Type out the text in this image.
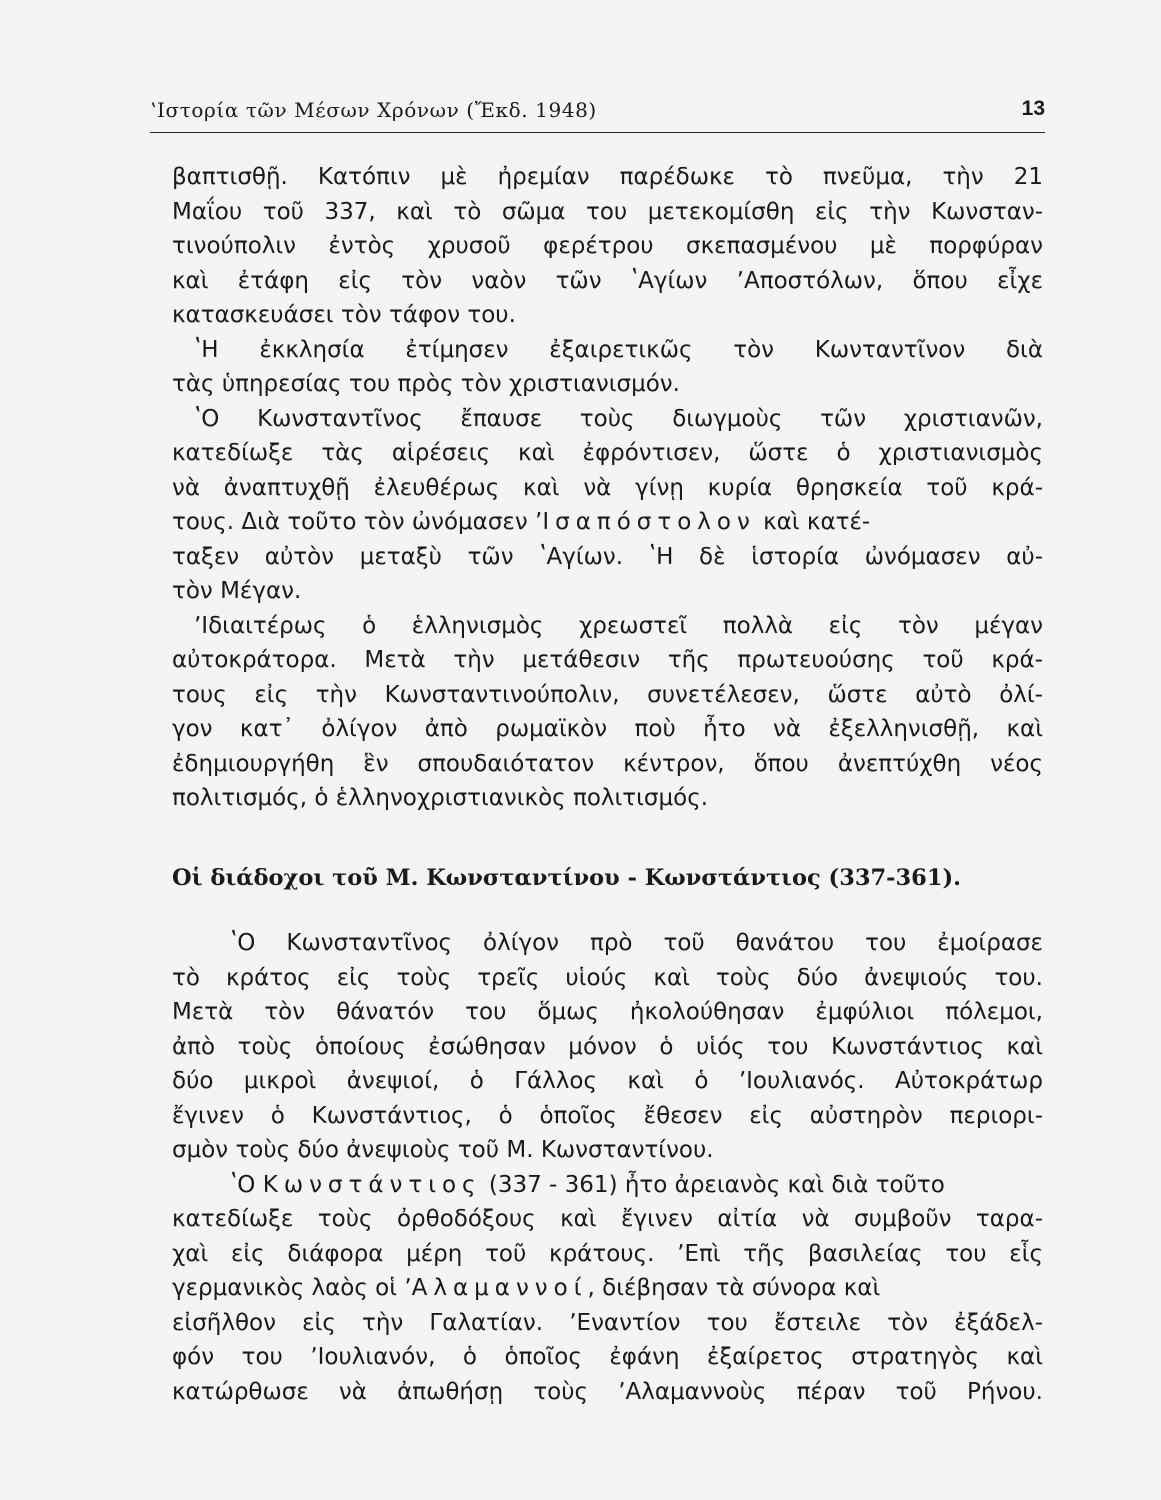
ʽΙστορία τῶν Μέσων Χρόνων (Ἔκδ. 1948)	13
βαπτισθῇ. Κατόπιν μὲ ἠρεμίαν παρέδωκε τὸ πνεῦμα, τὴν 21
Μαΐου τοῦ 337, καὶ τὸ σῶμα του μετεκομίσθη εἰς τὴν Κωνσταν-
τινούπολιν ἐντὸς χρυσοῦ φερέτρου σκεπασμένου μὲ πορφύραν
καὶ ἐτάφη εἰς τὸν ναὸν τῶν ʽΑγίων ʼΑποστόλων, ὅπου εἶχε
κατασκευάσει τὸν τάφον του.
ʽΗ ἐκκλησία ἐτίμησεν ἐξαιρετικῶς τὸν Κωνταντῖνον διὰ
τὰς ὑπηρεσίας του πρὸς τὸν χριστιανισμόν.
ʽΟ Κωνσταντῖνος ἔπαυσε τοὺς διωγμοὺς τῶν χριστιανῶν,
κατεδίωξε τὰς αἱρέσεις καὶ ἐφρόντισεν, ὥστε ὁ χριστιανισμὸς
νὰ ἀναπτυχθῇ ἐλευθέρως καὶ νὰ γίνῃ κυρία θρησκεία τοῦ κρά-
τους. Διὰ τοῦτο τὸν ὠνόμασεν ʼΙσαπόστολον καὶ κατέ-
ταξεν αὐτὸν μεταξὺ τῶν ʽΑγίων. ʽΗ δὲ ἱστορία ὠνόμασεν αὐ-
τὸν Μέγαν.
ʼΙδιαιτέρως ὁ ἑλληνισμὸς χρεωστεῖ πολλὰ εἰς τὸν μέγαν
αὐτοκράτορα. Μετὰ τὴν μετάθεσιν τῆς πρωτευούσης τοῦ κρά-
τους εἰς τὴν Κωνσταντινούπολιν, συνετέλεσεν, ὥστε αὐτὸ ὀλί-
γον κατ᾽ ὀλίγον ἀπὸ ρωμαϊκὸν ποὺ ἦτο νὰ ἐξελληνισθῇ, καὶ
ἐδημιουργήθη ἓν σπουδαιότατον κέντρον, ὅπου ἀνεπτύχθη νέος
πολιτισμός, ὁ ἑλληνοχριστιανικὸς πολιτισμός.
Οἱ διάδοχοι τοῦ Μ. Κωνσταντίνου - Κωνστάντιος (337-361).
ʽΟ Κωνσταντῖνος ὀλίγον πρὸ τοῦ θανάτου του ἐμοίρασε
τὸ κράτος εἰς τοὺς τρεῖς υἱούς καὶ τοὺς δύο ἀνεψιούς του.
Μετὰ τὸν θάνατόν του ὅμως ἠκολούθησαν ἐμφύλιοι πόλεμοι,
ἀπὸ τοὺς ὁποίους ἐσώθησαν μόνον ὁ υἱός του Κωνστάντιος καὶ
δύο μικροὶ ἀνεψιοί, ὁ Γάλλος καὶ ὁ ʼΙουλιανός. Αὐτοκράτωρ
ἔγινεν ὁ Κωνστάντιος, ὁ ὁποῖος ἔθεσεν εἰς αὐστηρὸν περιορι-
σμὸν τοὺς δύο ἀνεψιοὺς τοῦ Μ. Κωνσταντίνου.
ʽΟ Κωνστάντιος (337 - 361) ἦτο ἀρειανὸς καὶ διὰ τοῦτο
κατεδίωξε τοὺς ὀρθοδόξους καὶ ἔγινεν αἰτία νὰ συμβοῦν ταρα-
χαὶ εἰς διάφορα μέρη τοῦ κράτους. ʼΕπὶ τῆς βασιλείας του εἷς
γερμανικὸς λαὸς οἱ ʼΑλαμαννοί, διέβησαν τὰ σύνορα καὶ
εἰσῆλθον εἰς τὴν Γαλατίαν. ʼΕναντίον του ἔστειλε τὸν ἐξάδελ-
φόν του ʼΙουλιανόν, ὁ ὁποῖος ἐφάνη ἐξαίρετος στρατηγὸς καὶ
κατώρθωσε νὰ ἀπωθήσῃ τοὺς ʼΑλαμαννοὺς πέραν τοῦ Ρήνου.
